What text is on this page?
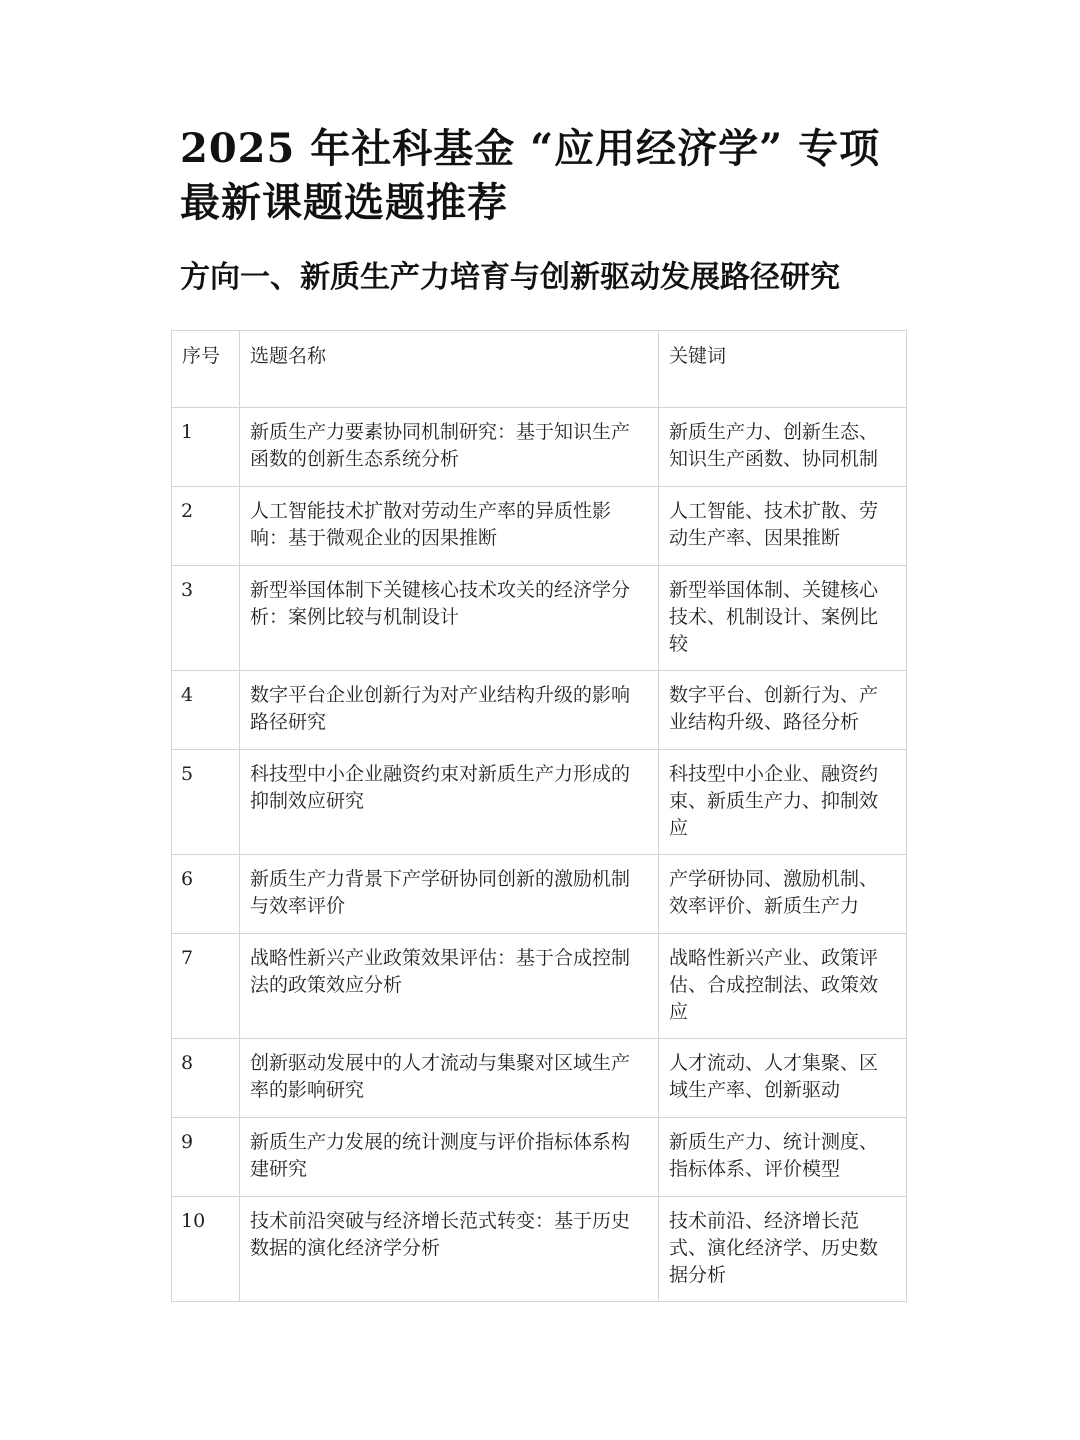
2025 年社科基金 “应用经济学” 专项最新课题选题推荐
方向一、新质生产力培育与创新驱动发展路径研究
序号	选题名称	关键词
1	新质生产力要素协同机制研究：基于知识生产函数的创新生态系统分析	新质生产力、创新生态、知识生产函数、协同机制
2	人工智能技术扩散对劳动生产率的异质性影响：基于微观企业的因果推断	人工智能、技术扩散、劳动生产率、因果推断
3	新型举国体制下关键核心技术攻关的经济学分析：案例比较与机制设计	新型举国体制、关键核心技术、机制设计、案例比较
4	数字平台企业创新行为对产业结构升级的影响路径研究	数字平台、创新行为、产业结构升级、路径分析
5	科技型中小企业融资约束对新质生产力形成的抑制效应研究	科技型中小企业、融资约束、新质生产力、抑制效应
6	新质生产力背景下产学研协同创新的激励机制与效率评价	产学研协同、激励机制、效率评价、新质生产力
7	战略性新兴产业政策效果评估：基于合成控制法的政策效应分析	战略性新兴产业、政策评估、合成控制法、政策效应
8	创新驱动发展中的人才流动与集聚对区域生产率的影响研究	人才流动、人才集聚、区域生产率、创新驱动
9	新质生产力发展的统计测度与评价指标体系构建研究	新质生产力、统计测度、指标体系、评价模型
10	技术前沿突破与经济增长范式转变：基于历史数据的演化经济学分析	技术前沿、经济增长范式、演化经济学、历史数据分析
